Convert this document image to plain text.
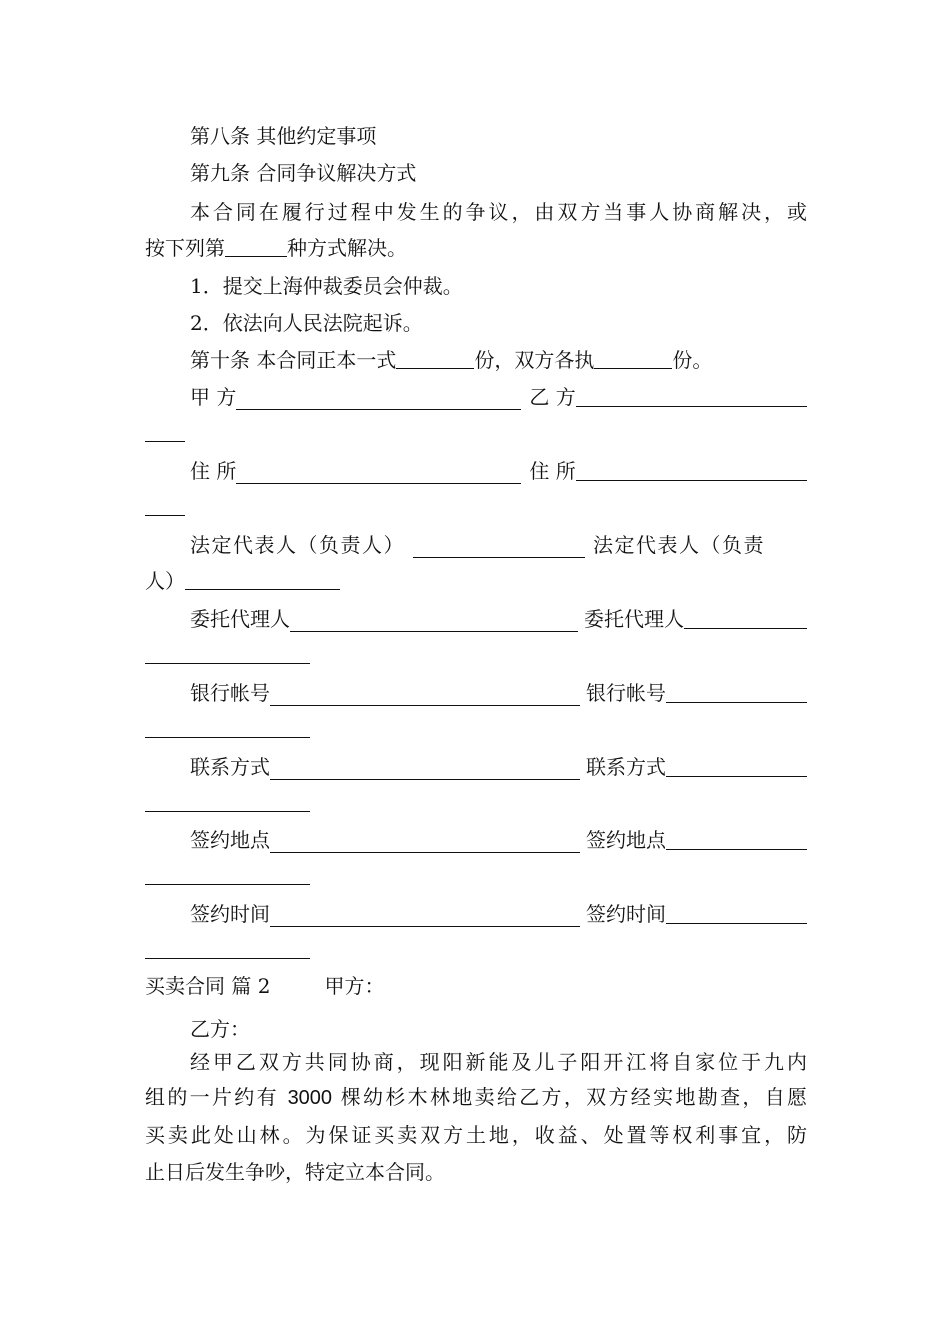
第八条 其他约定事项
第九条 合同争议解决方式
本合同在履行过程中发生的争议，由双方当事人协商解决，或
按下列第	种方式解决。
1．提交上海仲裁委员会仲裁。
2．依法向人民法院起诉。
第十条 本合同正本一式	份，双方各执	份。
甲 方	乙 方
住 所	住 所
法定代表人（负责人）	法定代表人（负责
人）
委托代理人	委托代理人
银行帐号	银行帐号
联系方式	联系方式
签约地点	签约地点
签约时间	签约时间
买卖合同 篇 2	甲方：
乙方：
经甲乙双方共同协商，现阳新能及儿子阳开江将自家位于九内
组的一片约有 3000 棵幼杉木林地卖给乙方，双方经实地勘查，自愿
买卖此处山林。为保证买卖双方土地，收益、处置等权利事宜，防
止日后发生争吵，特定立本合同。
